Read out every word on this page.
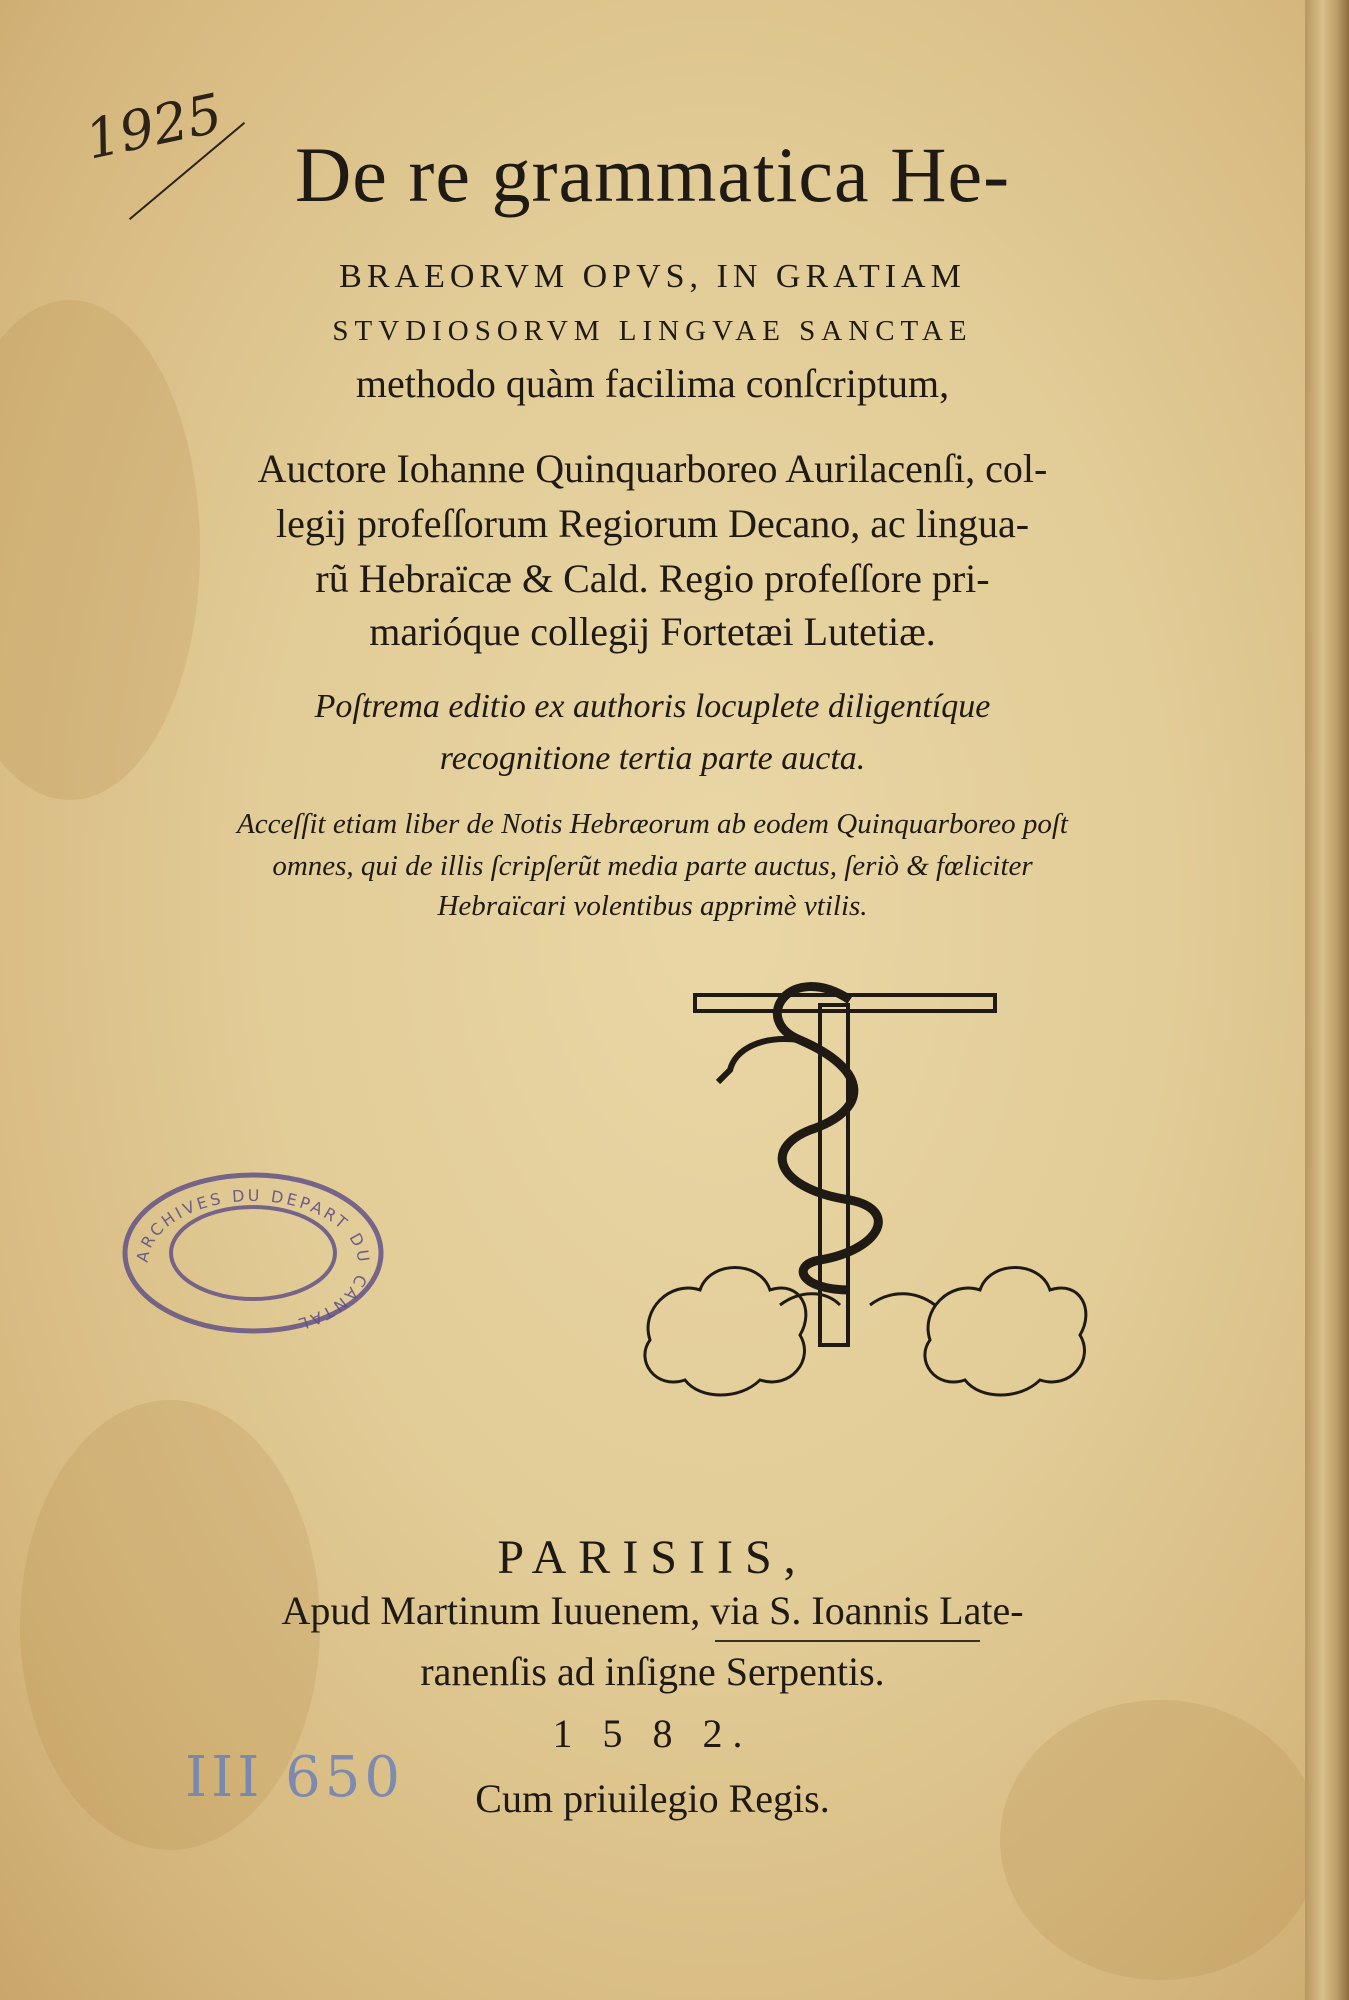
1925
De re grammatica He-
BRAEORVM OPVS, IN GRATIAM
STVDIOSORVM LINGVAE SANCTAE
methodo quàm facilima conſcriptum,
Auctore Iohanne Quinquarboreo Aurilacenſi, col-
legij profeſſorum Regiorum Decano, ac lingua-
rũ Hebraïcæ & Cald. Regio profeſſore pri-
marióque collegij Fortetæi Lutetiæ.
Poſtrema editio ex authoris locuplete diligentíque
recognitione tertia parte aucta.
Acceſſit etiam liber de Notis Hebræorum ab eodem Quinquarboreo poſt
omnes, qui de illis ſcripſerũt media parte auctus, ſeriò & fœliciter
Hebraïcari volentibus apprimè vtilis.
ARCHIVES DU DEPART DU CANTAL
PARISIIS,
Apud Martinum Iuuenem, via S. Ioannis Late-
ranenſis ad inſigne Serpentis.
1 5 8 2.
Cum priuilegio Regis.
III 650
